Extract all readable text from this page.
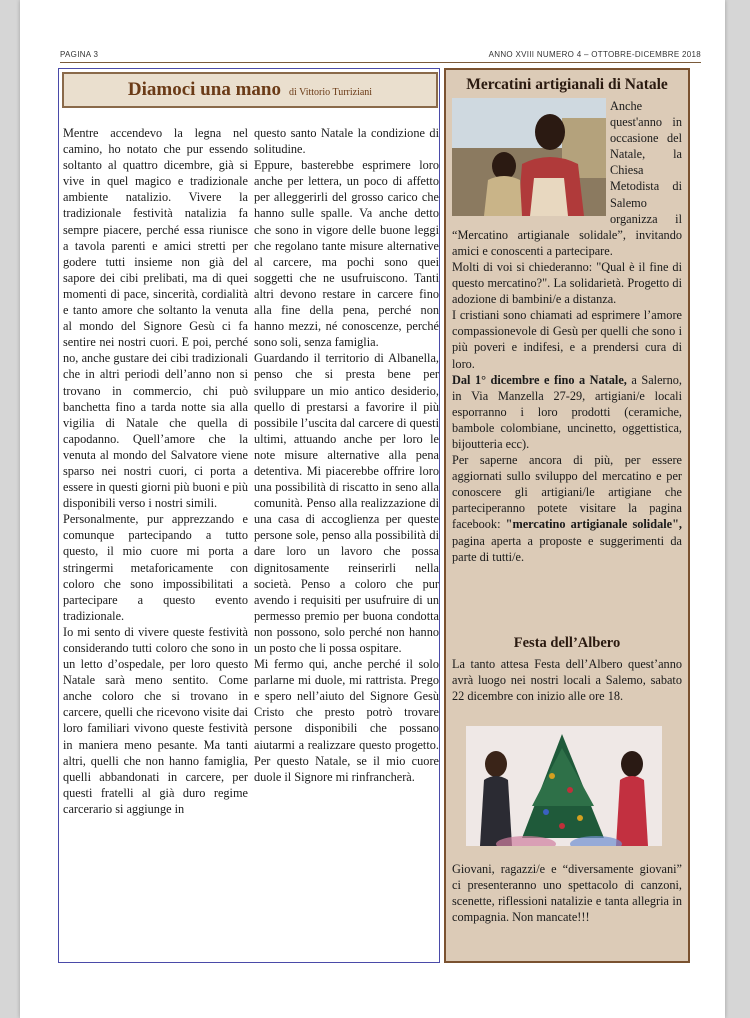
PAGINA 3	ANNO XVIII NUMERO 4 – OTTOBRE-DICEMBRE 2018
Diamoci una mano di Vittorio Turriziani

Mentre accendevo la legna nel camino, ho notato che pur essendo soltanto al quattro dicembre, già si vive in quel magico e tradizionale ambiente natalizio. Vivere la tradizionale festività natalizia fa sempre piacere, perché essa riunisce a tavola parenti e amici stretti per godere tutti insieme non già del sapore dei cibi prelibati, ma di quei momenti di pace, sincerità, cordialità e tanto amore che soltanto la venuta al mondo del Signore Gesù ci fa sentire nei nostri cuori. E poi, perché no, anche gustare dei cibi tradizionali che in altri periodi dell’anno non si trovano in commercio, chi può banchetta fino a tarda notte sia alla vigilia di Natale che quella di capodanno. Quell’amore che la venuta al mondo del Salvatore viene sparso nei nostri cuori, ci porta a essere in questi giorni più buoni e più disponibili verso i nostri simili.

Personalmente, pur apprezzando e comunque partecipando a tutto questo, il mio cuore mi porta a stringermi metaforicamente con coloro che sono impossibilitati a partecipare a questo evento tradizionale.

Io mi sento di vivere queste festività considerando tutti coloro che sono in un letto d’ospedale, per loro questo Natale sarà meno sentito. Come anche coloro che si trovano in carcere, quelli che ricevono visite dai loro familiari vivono queste festività in maniera meno pesante. Ma tanti altri, quelli che non hanno famiglia, quelli abbandonati in carcere, per questi fratelli al già duro regime carcerario si aggiunge in

questo santo Natale la condizione di solitudine.

Eppure, basterebbe esprimere loro anche per lettera, un poco di affetto per alleggerirli del grosso carico che hanno sulle spalle. Va anche detto che sono in vigore delle buone leggi che regolano tante misure alternative al carcere, ma pochi sono quei soggetti che ne usufruiscono. Tanti altri devono restare in carcere fino alla fine della pena, perché non hanno mezzi, né conoscenze, perché sono soli, senza famiglia.

Guardando il territorio di Albanella, penso che si presta bene per sviluppare un mio antico desiderio, quello di prestarsi a favorire il più possibile l’uscita dal carcere di questi ultimi, attuando anche per loro le note misure alternative alla pena detentiva. Mi piacerebbe offrire loro una possibilità di riscatto in seno alla comunità. Penso alla realizzazione di una casa di accoglienza per queste persone sole, penso alla possibilità di dare loro un lavoro che possa dignitosamente reinserirli nella società. Penso a coloro che pur avendo i requisiti per usufruire di un permesso premio per buona condotta non possono, solo perché non hanno un posto che li possa ospitare.

Mi fermo qui, anche perché il solo parlarne mi duole, mi rattrista. Prego e spero nell’aiuto del Signore Gesù Cristo che presto potrò trovare persone disponibili che possano aiutarmi a realizzare questo progetto. Per questo Natale, se il mio cuore duole il Signore mi rinfrancherà.

Mercatini artigianali di Natale

Anche quest'anno in occasione del Natale, la Chiesa Metodista di Salemo organizza il “Mercatino artigianale solidale”, invitando amici e conoscenti a partecipare.

Molti di voi si chiederanno: "Qual è il fine di questo mercatino?". La solidarietà. Progetto di adozione di bambini/e a distanza.

I cristiani sono chiamati ad esprimere l’amore compassionevole di Gesù per quelli che sono i più poveri e indifesi, e a prendersi cura di loro.

Dal 1° dicembre e fino a Natale, a Salerno, in Via Manzella 27-29, artigiani/e locali esporranno i loro prodotti (ceramiche, bambole colombiane, uncinetto, oggettistica, bijoutteria ecc).

Per saperne ancora di più, per essere aggiornati sullo sviluppo del mercatino e per conoscere gli artigiani/le artigiane che parteciperanno potete visitare la pagina facebook: "mercatino artigianale solidale", pagina aperta a proposte e suggerimenti da parte di tutti/e.

Festa dell’Albero

La tanto attesa Festa dell’Albero quest’anno avrà luogo nei nostri locali a Salemo, sabato 22 dicembre con inizio alle ore 18.

Giovani, ragazzi/e e “diversamente giovani” ci presenteranno uno spettacolo di canzoni, scenette, riflessioni natalizie e tanta allegria in compagnia. Non mancate!!!
